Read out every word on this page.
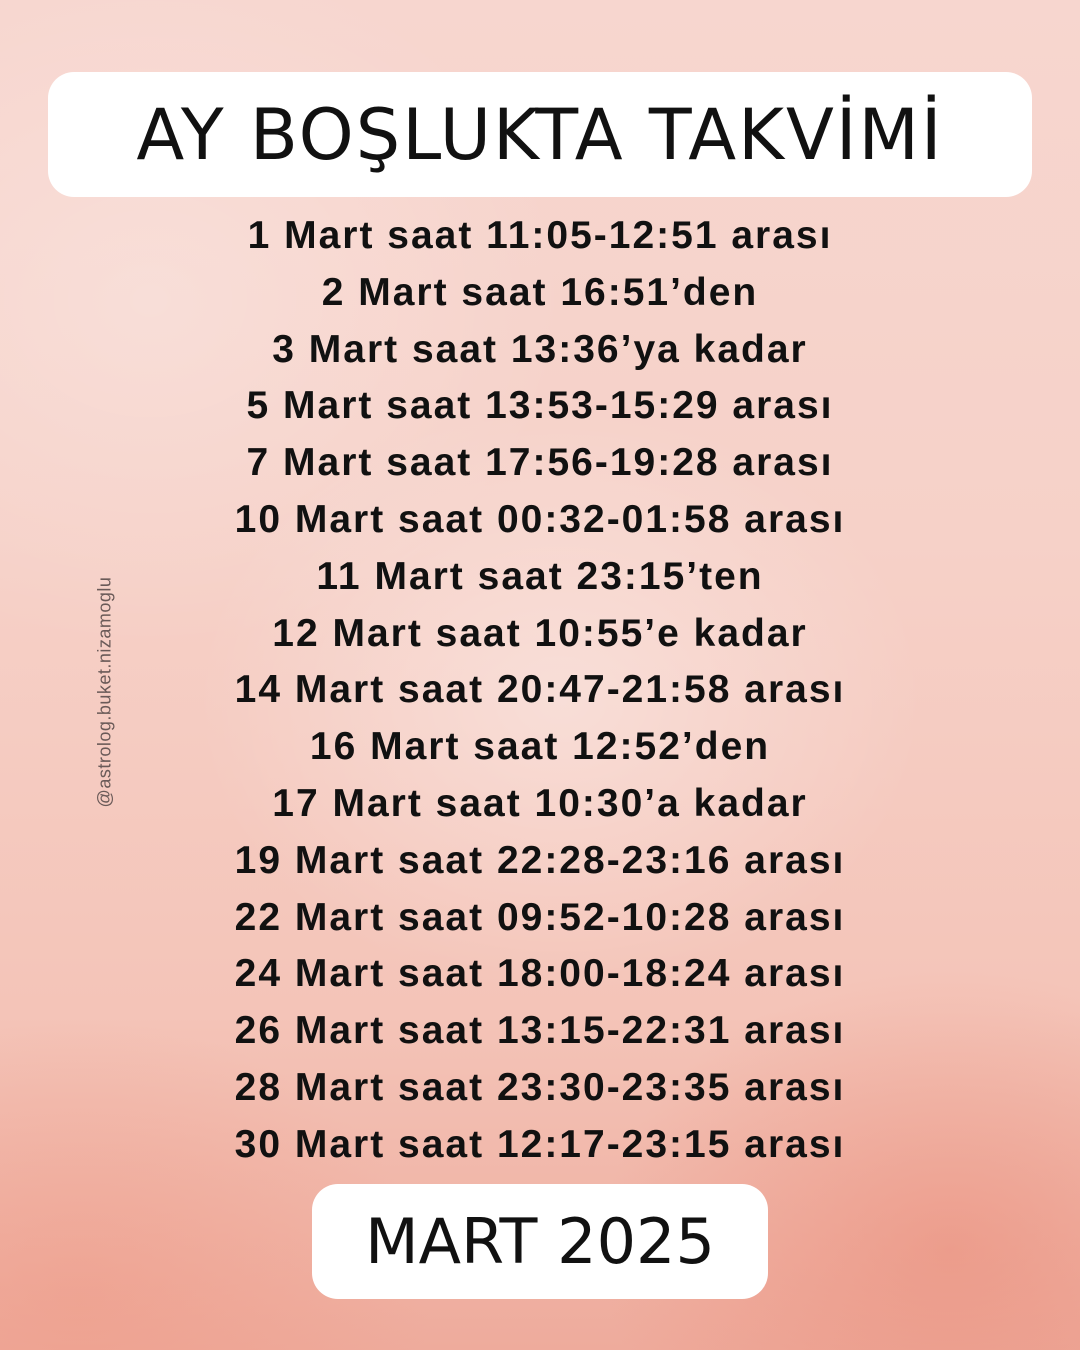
AY BOŞLUKTA TAKVİMİ
1 Mart saat 11:05-12:51 arası
2 Mart saat 16:51’den
3 Mart saat 13:36’ya kadar
5 Mart saat 13:53-15:29 arası
7 Mart saat 17:56-19:28 arası
10 Mart saat 00:32-01:58 arası
11 Mart saat 23:15’ten
12 Mart saat 10:55’e kadar
14 Mart saat 20:47-21:58 arası
16 Mart saat 12:52’den
17 Mart saat 10:30’a kadar
19 Mart saat 22:28-23:16 arası
22 Mart saat 09:52-10:28 arası
24 Mart saat 18:00-18:24 arası
26 Mart saat 13:15-22:31 arası
28 Mart saat 23:30-23:35 arası
30 Mart saat 12:17-23:15 arası
@astrolog.buket.nizamoglu
MART 2025
